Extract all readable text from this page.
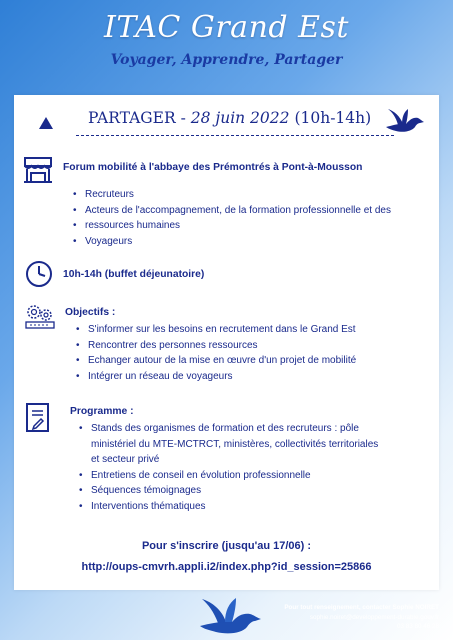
ITAC Grand Est
Voyager, Apprendre, Partager
PARTAGER - 28 juin 2022 (10h-14h)
Forum mobilité à l'abbaye des Prémontrés à Pont-à-Mousson
• Recruteurs
• Acteurs de l'accompagnement, de la formation professionnelle et des
• ressources humaines
• Voyageurs
10h-14h (buffet déjeunatoire)
Objectifs :
• S'informer sur les besoins en recrutement dans le Grand Est
• Rencontrer des personnes ressources
• Echanger autour de la mise en œuvre d'un projet de mobilité
• Intégrer un réseau de voyageurs
Programme :
• Stands des organismes de formation et des recruteurs : pôle
ministériel du MTE-MCTRCT, ministères, collectivités territoriales
et secteur privé
• Entretiens de conseil en évolution professionnelle
• Séquences témoignages
• Interventions thématiques
Pour s'inscrire (jusqu'au 17/06) :
http://oups-cmvrh.appli.i2/index.php?id_session=25866
Pour tout renseignement, contacter Sophie NOIRET
sophie.noiret@developpement-durable.gouv.fr
03 83 80 46 28
